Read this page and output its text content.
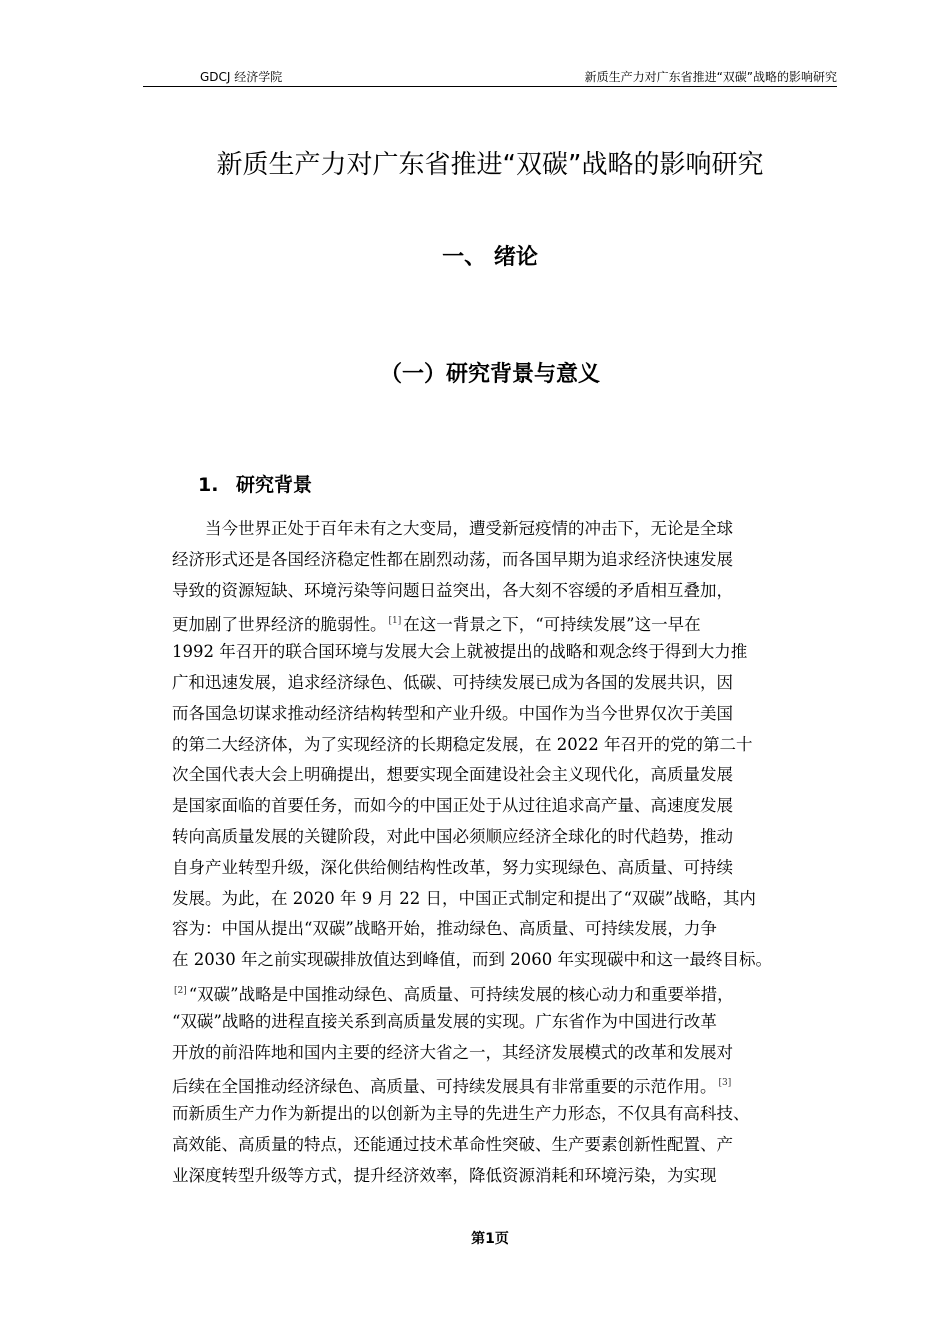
GDCJ 经济学院	新质生产力对广东省推进“双碳”战略的影响研究
新质生产力对广东省推进“双碳”战略的影响研究
一、 绪论
（一）研究背景与意义
1. 研究背景
当今世界正处于百年未有之大变局，遭受新冠疫情的冲击下，无论是全球
经济形式还是各国经济稳定性都在剧烈动荡，而各国早期为追求经济快速发展
导致的资源短缺、环境污染等问题日益突出，各大刻不容缓的矛盾相互叠加，
更加剧了世界经济的脆弱性。 [1] 在这一背景之下，“可持续发展”这一早在
1992 年召开的联合国环境与发展大会上就被提出的战略和观念终于得到大力推
广和迅速发展，追求经济绿色、低碳、可持续发展已成为各国的发展共识，因
而各国急切谋求推动经济结构转型和产业升级。中国作为当今世界仅次于美国
的第二大经济体，为了实现经济的长期稳定发展，在 2022 年召开的党的第二十
次全国代表大会上明确提出，想要实现全面建设社会主义现代化，高质量发展
是国家面临的首要任务，而如今的中国正处于从过往追求高产量、高速度发展
转向高质量发展的关键阶段，对此中国必须顺应经济全球化的时代趋势，推动
自身产业转型升级，深化供给侧结构性改革，努力实现绿色、高质量、可持续
发展。为此，在 2020 年 9 月 22 日，中国正式制定和提出了“双碳”战略，其内
容为：中国从提出“双碳”战略开始，推动绿色、高质量、可持续发展，力争
在 2030 年之前实现碳排放值达到峰值，而到 2060 年实现碳中和这一最终目标。
[2] “双碳”战略是中国推动绿色、高质量、可持续发展的核心动力和重要举措，
“双碳”战略的进程直接关系到高质量发展的实现。广东省作为中国进行改革
开放的前沿阵地和国内主要的经济大省之一，其经济发展模式的改革和发展对
后续在全国推动经济绿色、高质量、可持续发展具有非常重要的示范作用。 [3]
而新质生产力作为新提出的以创新为主导的先进生产力形态，不仅具有高科技、
高效能、高质量的特点，还能通过技术革命性突破、生产要素创新性配置、产
业深度转型升级等方式，提升经济效率，降低资源消耗和环境污染，为实现
第1页
